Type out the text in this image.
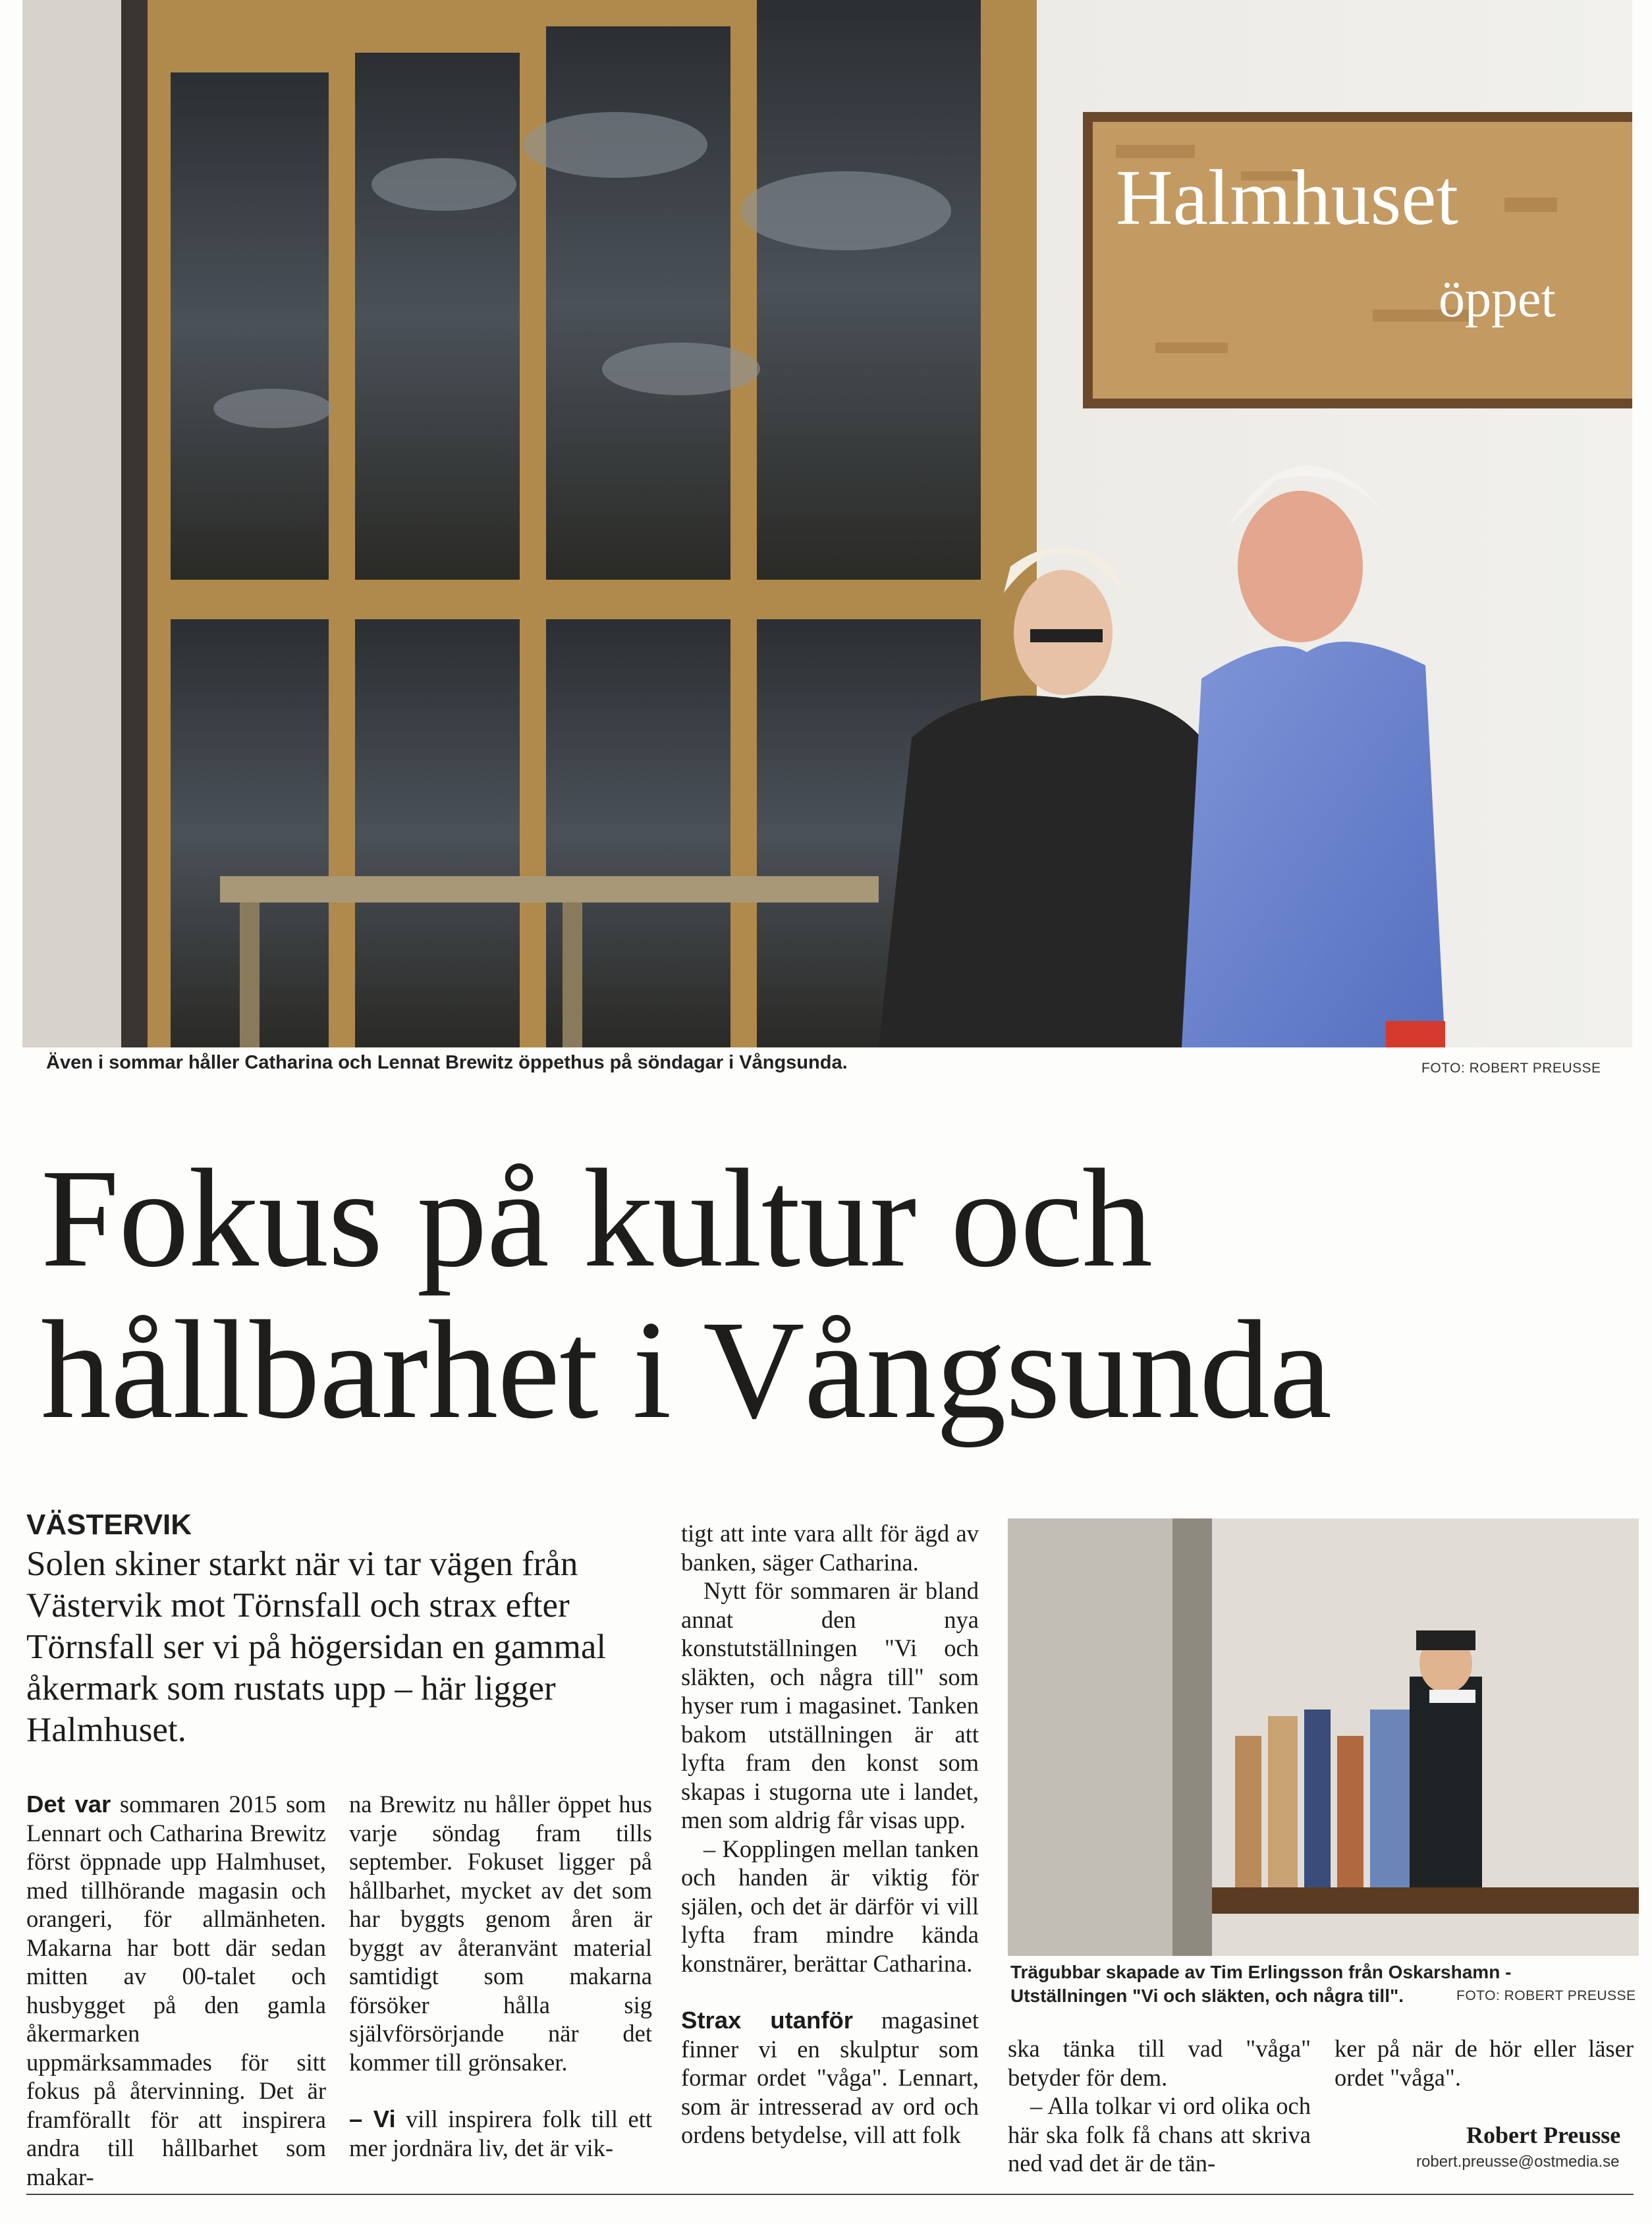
Halmhuset
öppet
Även i sommar håller Catharina och Lennat Brewitz öppethus på söndagar i Vångsunda.	FOTO: ROBERT PREUSSE
Fokus på kultur och
hållbarhet i Vångsunda
VÄSTERVIK
Solen skiner starkt när vi tar vägen från Västervik mot Törnsfall och strax efter Törnsfall ser vi på högersidan en gammal åkermark som rustats upp – här ligger Halmhuset.

Det var sommaren 2015 som Lennart och Catharina Brewitz först öppnade upp Halmhuset, med tillhörande magasin och orangeri, för allmänheten. Makarna har bott där sedan mitten av 00-talet och husbygget på den gamla åkermarken uppmärksammades för sitt fokus på återvinning. Det är framförallt för att inspirera andra till hållbarhet som makar-

na Brewitz nu håller öppet hus varje söndag fram tills september. Fokuset ligger på hållbarhet, mycket av det som har byggts genom åren är byggt av återanvänt material samtidigt som makarna försöker hålla sig självförsörjande när det kommer till grönsaker.

– Vi vill inspirera folk till ett mer jordnära liv, det är vik-

tigt att inte vara allt för ägd av banken, säger Catharina.

Nytt för sommaren är bland annat den nya konstutställningen "Vi och släkten, och några till" som hyser rum i magasinet. Tanken bakom utställningen är att lyfta fram den konst som skapas i stugorna ute i landet, men som aldrig får visas upp.

– Kopplingen mellan tanken och handen är viktig för själen, och det är därför vi vill lyfta fram mindre kända konstnärer, berättar Catharina.

Strax utanför magasinet finner vi en skulptur som formar ordet "våga". Lennart, som är intresserad av ord och ordens betydelse, vill att folk

Trägubbar skapade av Tim Erlingsson från Oskarshamn - Utställningen "Vi och släkten, och några till".	FOTO: ROBERT PREUSSE

ska tänka till vad "våga" betyder för dem.

– Alla tolkar vi ord olika och här ska folk få chans att skriva ned vad det är de tän-

ker på när de hör eller läser ordet "våga".

Robert Preusse
robert.preusse@ostmedia.se
